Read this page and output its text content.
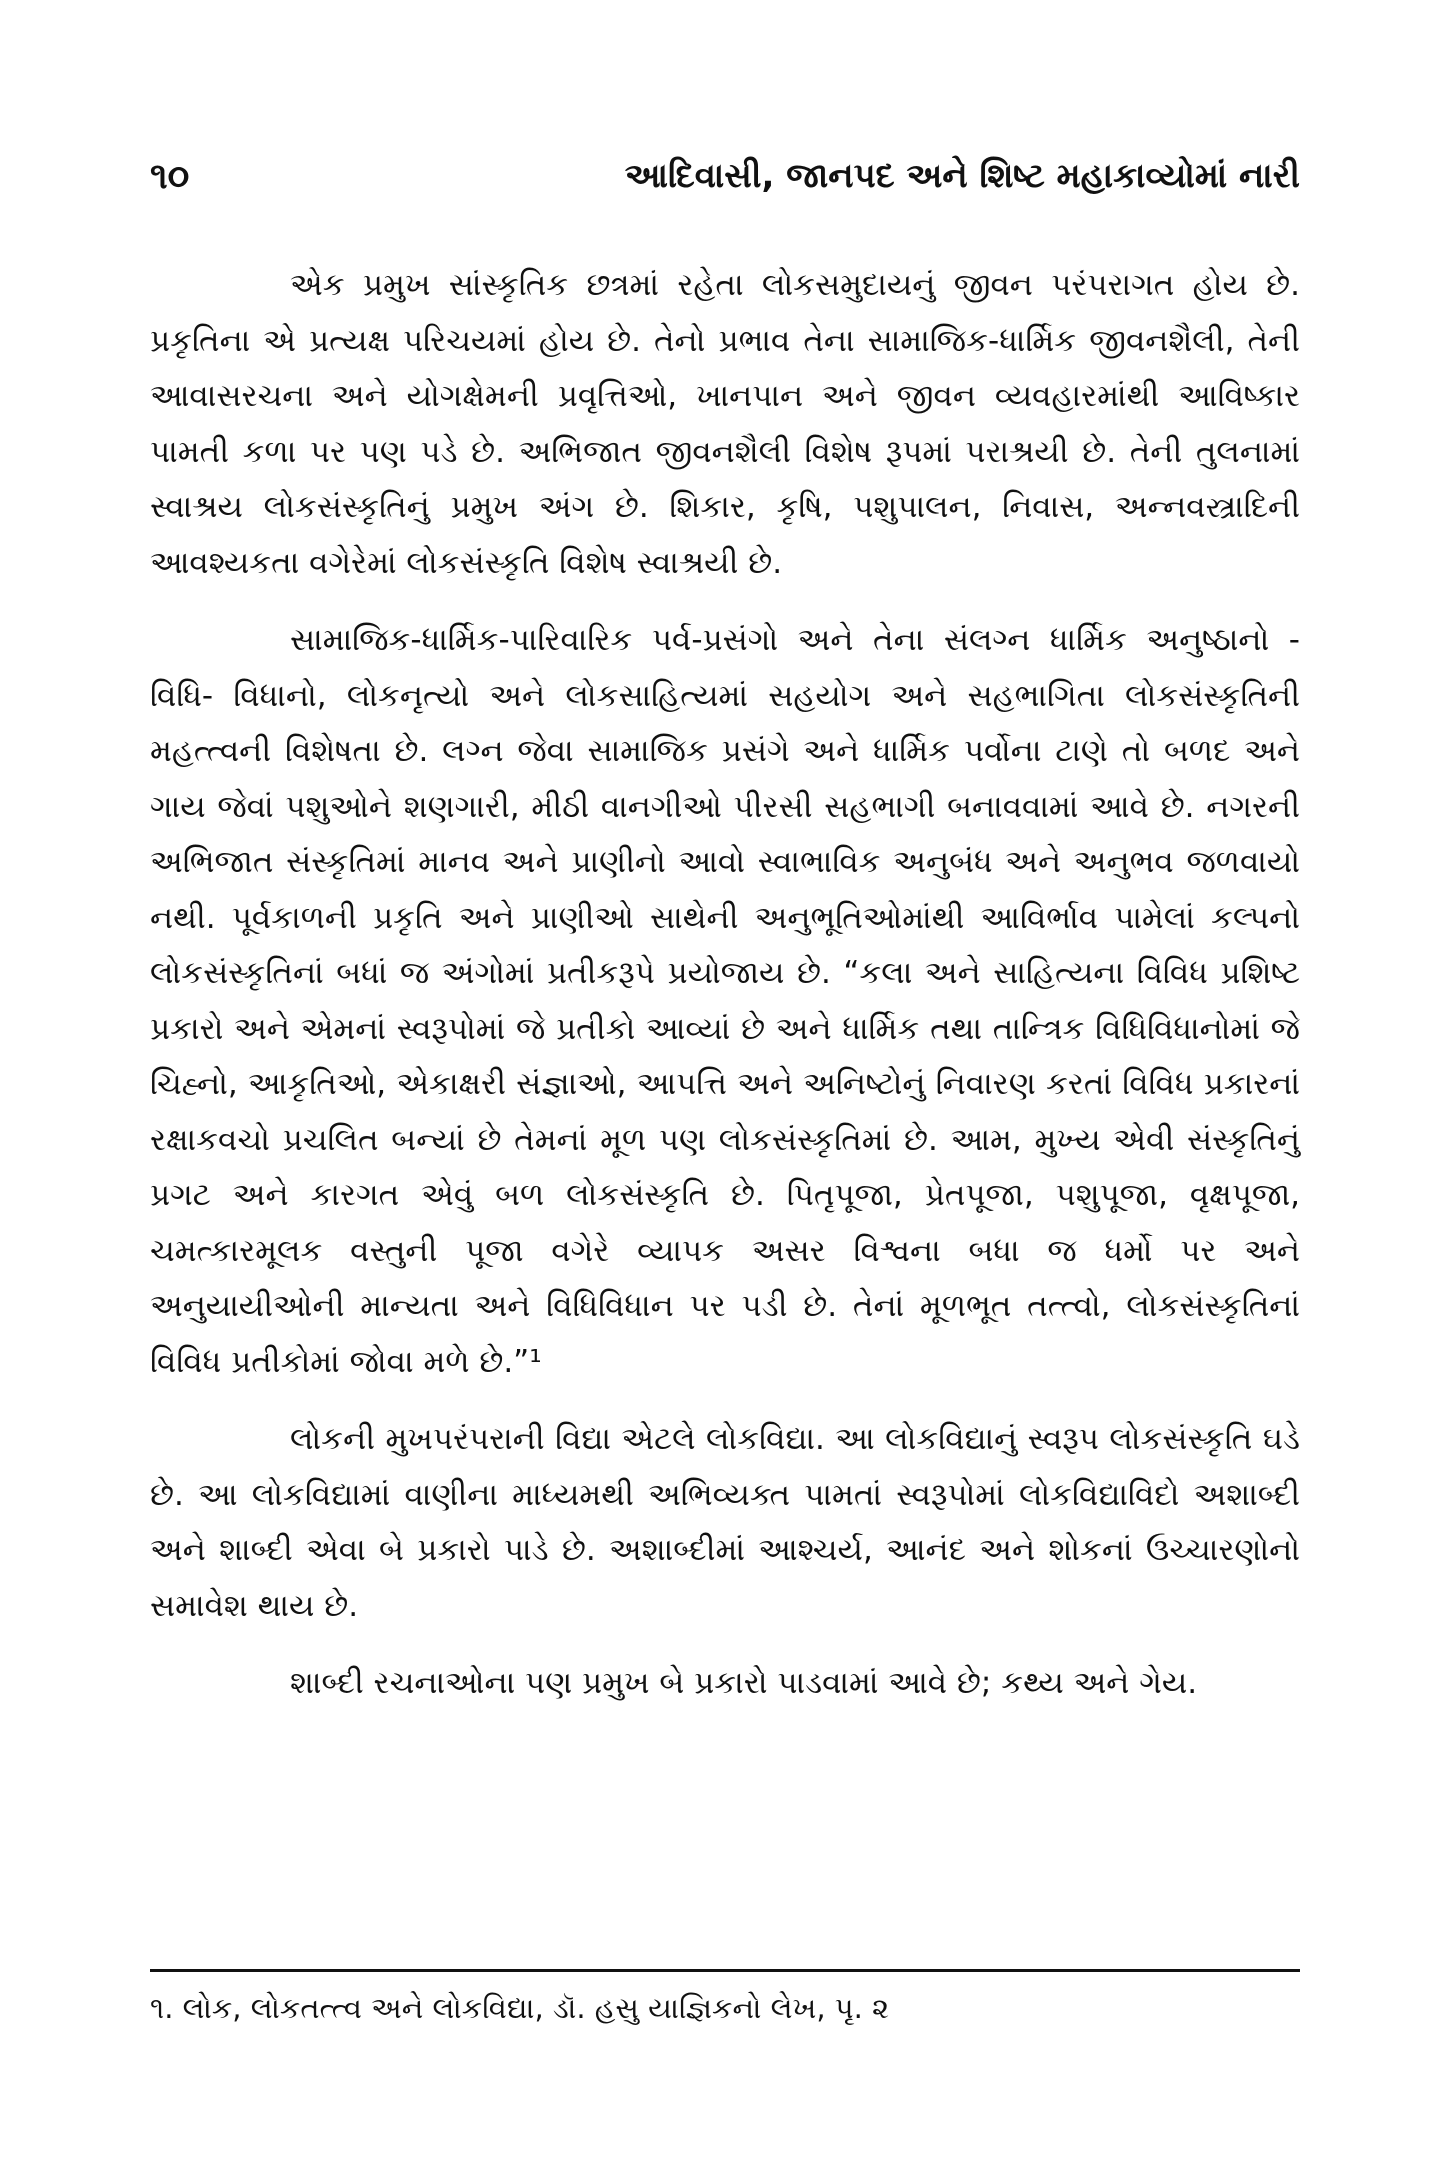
૧૦	આદિવાસી, જાનપદ અને શિષ્ટ મહાકાવ્યોમાં નારી

એક પ્રમુખ સાંસ્કૃતિક છત્રમાં રહેતા લોકસમુદાયનું જીવન પરંપરાગત હોય છે. પ્રકૃતિના એ પ્રત્યક્ષ પરિચયમાં હોય છે. તેનો પ્રભાવ તેના સામાજિક-ધાર્મિક જીવનશૈલી, તેની આવાસરચના અને યોગક્ષેમની પ્રવૃત્તિઓ, ખાનપાન અને જીવન વ્યવહારમાંથી આવિષ્કાર પામતી કળા પર પણ પડે છે. અભિજાત જીવનશૈલી વિશેષ રૂપમાં પરાશ્રયી છે. તેની તુલનામાં સ્વાશ્રય લોકસંસ્કૃતિનું પ્રમુખ અંગ છે. શિકાર, કૃષિ, પશુપાલન, નિવાસ, અન્નવસ્ત્રાદિની આવશ્યકતા વગેરેમાં લોકસંસ્કૃતિ વિશેષ સ્વાશ્રયી છે.

સામાજિક-ધાર્મિક-પારિવારિક પર્વ-પ્રસંગો અને તેના સંલગ્ન ધાર્મિક અનુષ્ઠાનો - વિધિ- વિધાનો, લોકનૃત્યો અને લોકસાહિત્યમાં સહયોગ અને સહભાગિતા લોકસંસ્કૃતિની મહત્ત્વની વિશેષતા છે. લગ્ન જેવા સામાજિક પ્રસંગે અને ધાર્મિક પર્વોના ટાણે તો બળદ અને ગાય જેવાં પશુઓને શણગારી, મીઠી વાનગીઓ પીરસી સહભાગી બનાવવામાં આવે છે. નગરની અભિજાત સંસ્કૃતિમાં માનવ અને પ્રાણીનો આવો સ્વાભાવિક અનુબંધ અને અનુભવ જળવાયો નથી. પૂર્વકાળની પ્રકૃતિ અને પ્રાણીઓ સાથેની અનુભૂતિઓમાંથી આવિર્ભાવ પામેલાં કલ્પનો લોકસંસ્કૃતિનાં બધાં જ અંગોમાં પ્રતીકરૂપે પ્રયોજાય છે. “કલા અને સાહિત્યના વિવિધ પ્રશિષ્ટ પ્રકારો અને એમનાં સ્વરૂપોમાં જે પ્રતીકો આવ્યાં છે અને ધાર્મિક તથા તાન્ત્રિક વિધિવિધાનોમાં જે ચિહ્નો, આકૃતિઓ, એકાક્ષરી સંજ્ઞાઓ, આપત્તિ અને અનિષ્ટોનું નિવારણ કરતાં વિવિધ પ્રકારનાં રક્ષાકવચો પ્રચલિત બન્યાં છે તેમનાં મૂળ પણ લોકસંસ્કૃતિમાં છે. આમ, મુખ્ય એવી સંસ્કૃતિનું પ્રગટ અને કારગત એવું બળ લોકસંસ્કૃતિ છે. પિતૃપૂજા, પ્રેતપૂજા, પશુપૂજા, વૃક્ષપૂજા, ચમત્કારમૂલક વસ્તુની પૂજા વગેરે વ્યાપક અસર વિશ્વના બધા જ ધર્મો પર અને અનુયાયીઓની માન્યતા અને વિધિવિધાન પર પડી છે. તેનાં મૂળભૂત તત્ત્વો, લોકસંસ્કૃતિનાં વિવિધ પ્રતીકોમાં જોવા મળે છે.”¹

લોકની મુખપરંપરાની વિદ્યા એટલે લોકવિદ્યા. આ લોકવિદ્યાનું સ્વરૂપ લોકસંસ્કૃતિ ઘડે છે. આ લોકવિદ્યામાં વાણીના માધ્યમથી અભિવ્યક્ત પામતાં સ્વરૂપોમાં લોકવિદ્યાવિદો અશાબ્દી અને શાબ્દી એવા બે પ્રકારો પાડે છે. અશાબ્દીમાં આશ્ચર્ય, આનંદ અને શોકનાં ઉચ્ચારણોનો સમાવેશ થાય છે.

શાબ્દી રચનાઓના પણ પ્રમુખ બે પ્રકારો પાડવામાં આવે છે; કથ્ય અને ગેય.

૧. લોક, લોકતત્ત્વ અને લોકવિદ્યા, ડૉ. હસુ યાજ્ઞિકનો લેખ, પૃ. ૨
